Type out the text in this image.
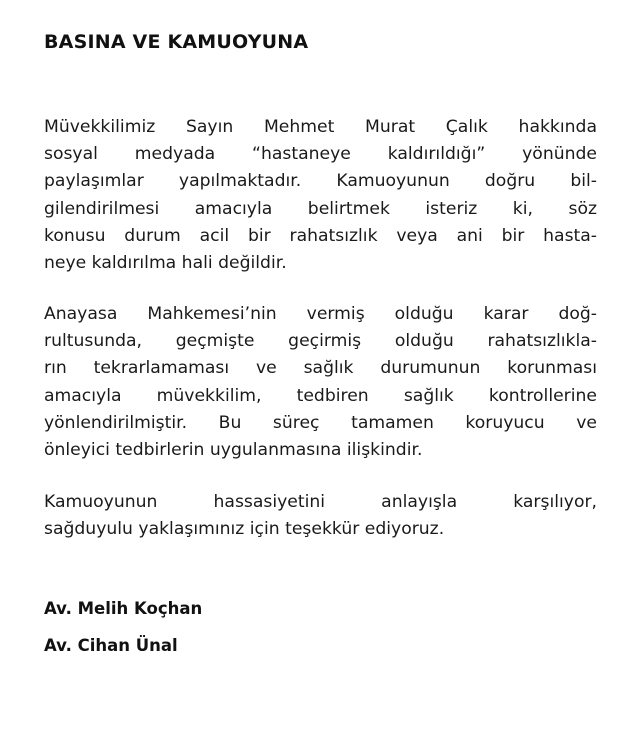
BASINA VE KAMUOYUNA

Müvekkilimiz Sayın Mehmet Murat Çalık hakkında
sosyal medyada “hastaneye kaldırıldığı” yönünde
paylaşımlar yapılmaktadır. Kamuoyunun doğru bil-
gilendirilmesi amacıyla belirtmek isteriz ki, söz
konusu durum acil bir rahatsızlık veya ani bir hasta-
neye kaldırılma hali değildir.

Anayasa Mahkemesi’nin vermiş olduğu karar doğ-
rultusunda, geçmişte geçirmiş olduğu rahatsızlıkla-
rın tekrarlamaması ve sağlık durumunun korunması
amacıyla müvekkilim, tedbiren sağlık kontrollerine
yönlendirilmiştir. Bu süreç tamamen koruyucu ve
önleyici tedbirlerin uygulanmasına ilişkindir.

Kamuoyunun hassasiyetini anlayışla karşılıyor,
sağduyulu yaklaşımınız için teşekkür ediyoruz.

Av. Melih Koçhan

Av. Cihan Ünal
